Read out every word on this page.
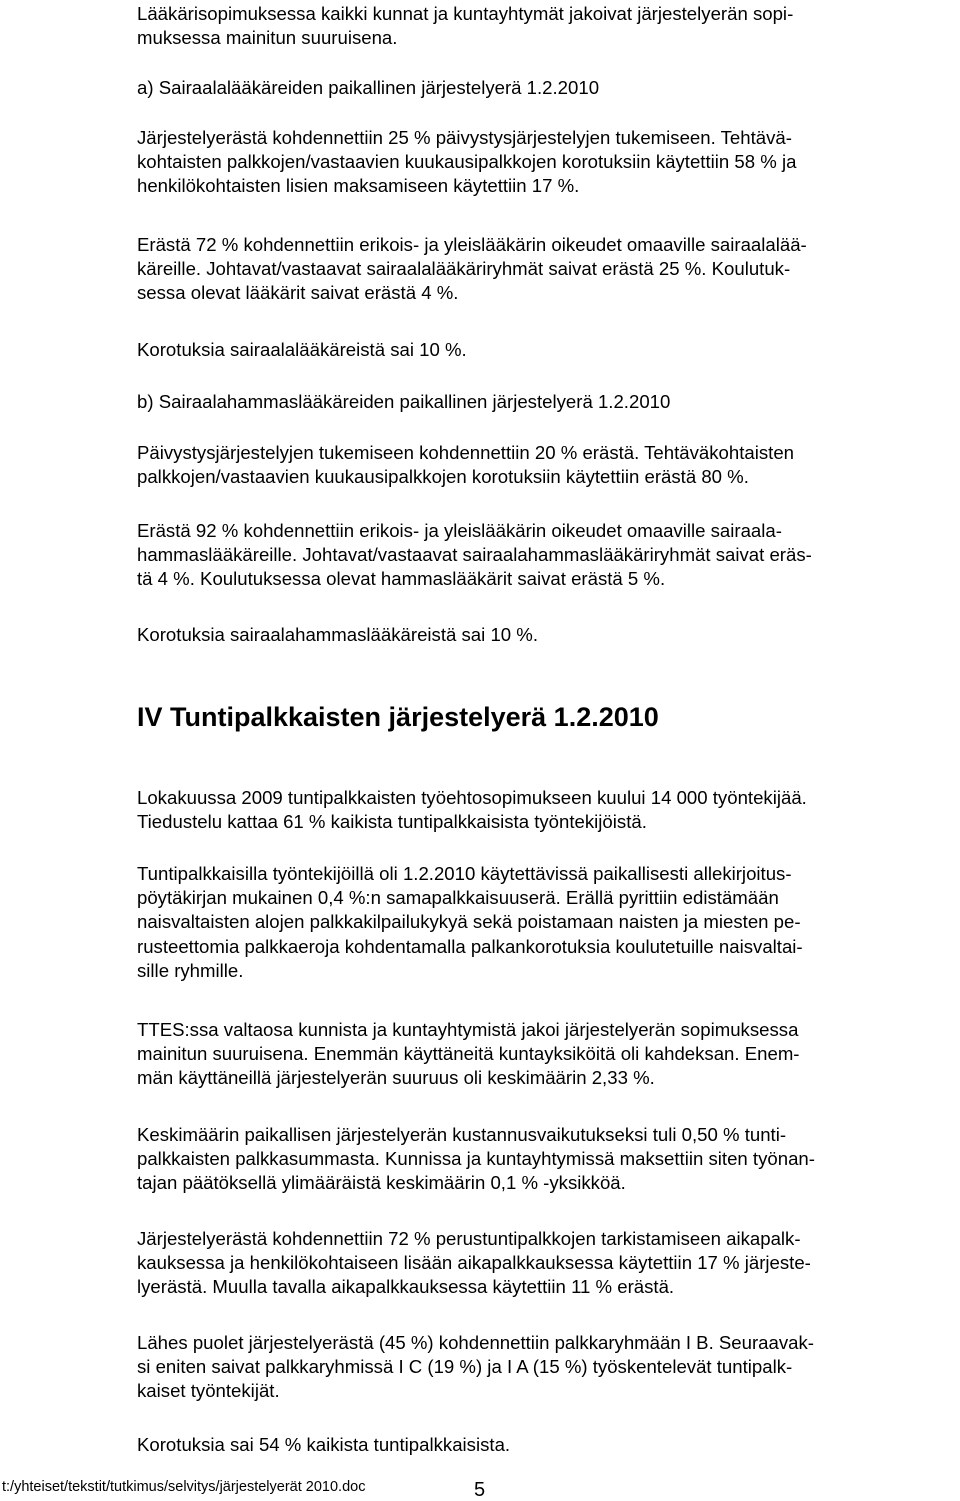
Lääkärisopimuksessa kaikki kunnat ja kuntayhtymät jakoivat järjestelyerän sopi-
muksessa mainitun suuruisena.
a) Sairaalalääkäreiden paikallinen järjestelyerä 1.2.2010
Järjestelyerästä kohdennettiin 25 % päivystysjärjestelyjen tukemiseen. Tehtävä-
kohtaisten palkkojen/vastaavien kuukausipalkkojen korotuksiin käytettiin 58 % ja
henkilökohtaisten lisien maksamiseen käytettiin 17 %.
Erästä 72 % kohdennettiin erikois- ja yleislääkärin oikeudet omaaville sairaalalää-
käreille. Johtavat/vastaavat sairaalalääkäriryhmät saivat erästä 25 %. Koulutuk-
sessa olevat lääkärit saivat erästä 4 %.
Korotuksia sairaalalääkäreistä sai 10 %.
b) Sairaalahammaslääkäreiden paikallinen järjestelyerä 1.2.2010
Päivystysjärjestelyjen tukemiseen kohdennettiin 20 % erästä. Tehtäväkohtaisten
palkkojen/vastaavien kuukausipalkkojen korotuksiin käytettiin erästä 80 %.
Erästä 92 % kohdennettiin erikois- ja yleislääkärin oikeudet omaaville sairaala-
hammaslääkäreille. Johtavat/vastaavat sairaalahammaslääkäriryhmät saivat eräs-
tä 4 %. Koulutuksessa olevat hammaslääkärit saivat erästä 5 %.
Korotuksia sairaalahammaslääkäreistä sai 10 %.
IV Tuntipalkkaisten järjestelyerä 1.2.2010
Lokakuussa 2009 tuntipalkkaisten työehtosopimukseen kuului 14 000 työntekijää.
Tiedustelu kattaa 61 % kaikista tuntipalkkaisista työntekijöistä.
Tuntipalkkaisilla työntekijöillä oli 1.2.2010 käytettävissä paikallisesti allekirjoitus-
pöytäkirjan mukainen 0,4 %:n samapalkkaisuuserä. Erällä pyrittiin edistämään
naisvaltaisten alojen palkkakilpailukykyä sekä poistamaan naisten ja miesten pe-
rusteettomia palkkaeroja kohdentamalla palkankorotuksia koulutetuille naisvaltai-
sille ryhmille.
TTES:ssa valtaosa kunnista ja kuntayhtymistä jakoi järjestelyerän sopimuksessa
mainitun suuruisena. Enemmän käyttäneitä kuntayksiköitä oli kahdeksan. Enem-
män käyttäneillä järjestelyerän suuruus oli keskimäärin 2,33 %.
Keskimäärin paikallisen järjestelyerän kustannusvaikutukseksi tuli 0,50 % tunti-
palkkaisten palkkasummasta. Kunnissa ja kuntayhtymissä maksettiin siten työnan-
tajan päätöksellä ylimääräistä keskimäärin 0,1 % -yksikköä.
Järjestelyerästä kohdennettiin 72 % perustuntipalkkojen tarkistamiseen aikapalk-
kauksessa ja henkilökohtaiseen lisään aikapalkkauksessa käytettiin 17 % järjeste-
lyerästä. Muulla tavalla aikapalkkauksessa käytettiin 11 % erästä.
Lähes puolet järjestelyerästä (45 %) kohdennettiin palkkaryhmään I B. Seuraavak-
si eniten saivat palkkaryhmissä I C (19 %) ja I A (15 %) työskentelevät tuntipalk-
kaiset työntekijät.
Korotuksia sai 54 % kaikista tuntipalkkaisista.
t:/yhteiset/tekstit/tutkimus/selvitys/järjestelyerät 2010.doc	5
